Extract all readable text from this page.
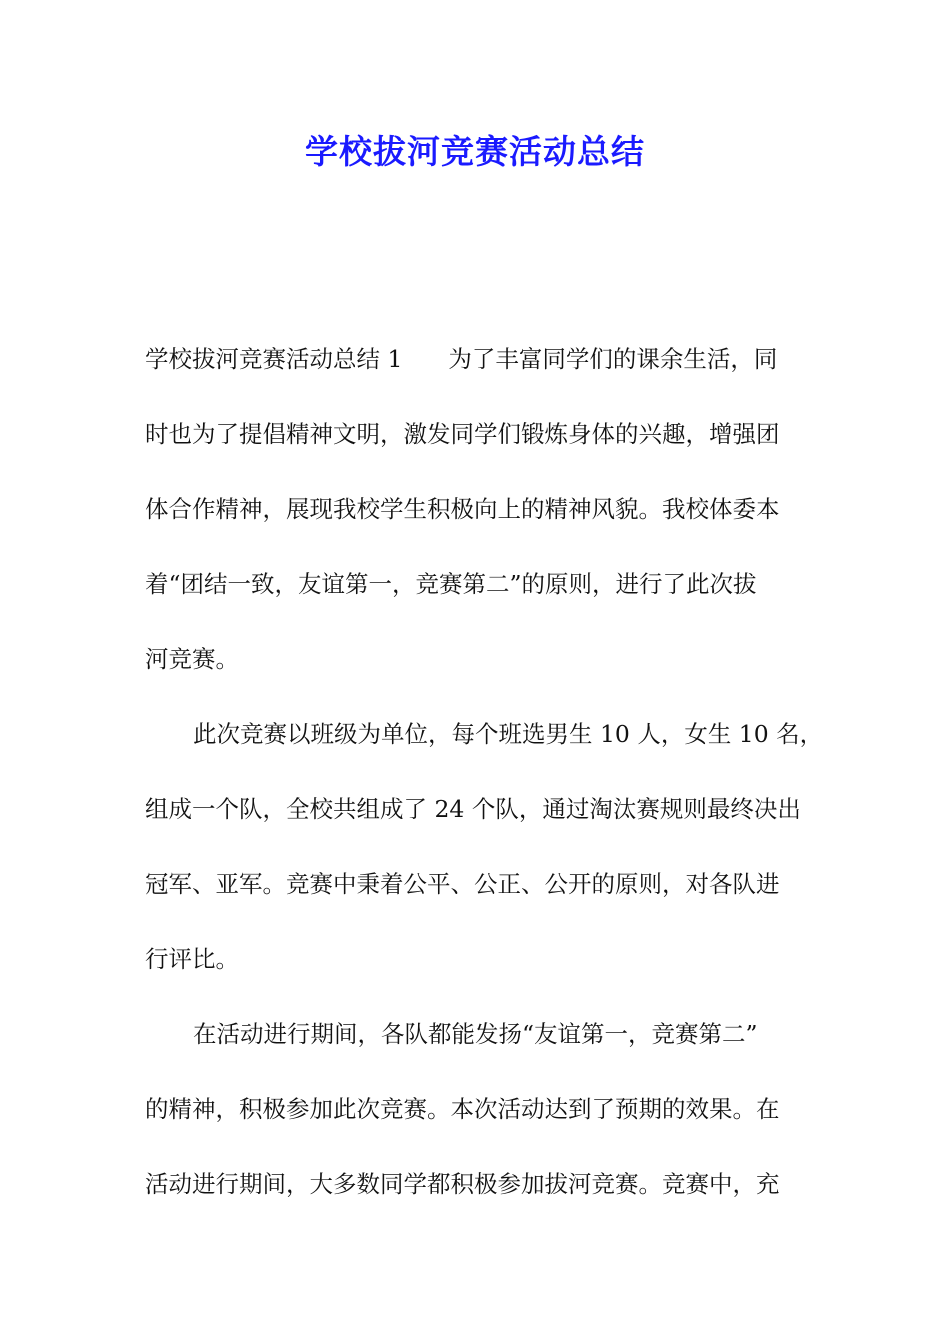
学校拔河竞赛活动总结
学校拔河竞赛活动总结 1 为了丰富同学们的课余生活，同
时也为了提倡精神文明，激发同学们锻炼身体的兴趣，增强团
体合作精神，展现我校学生积极向上的精神风貌。我校体委本
着“团结一致，友谊第一，竞赛第二”的原则，进行了此次拔
河竞赛。
此次竞赛以班级为单位，每个班选男生 10 人，女生 10 名，
组成一个队，全校共组成了 24 个队，通过淘汰赛规则最终决出
冠军、亚军。竞赛中秉着公平、公正、公开的原则，对各队进
行评比。
在活动进行期间，各队都能发扬“友谊第一，竞赛第二”
的精神，积极参加此次竞赛。本次活动达到了预期的效果。在
活动进行期间，大多数同学都积极参加拔河竞赛。竞赛中，充
